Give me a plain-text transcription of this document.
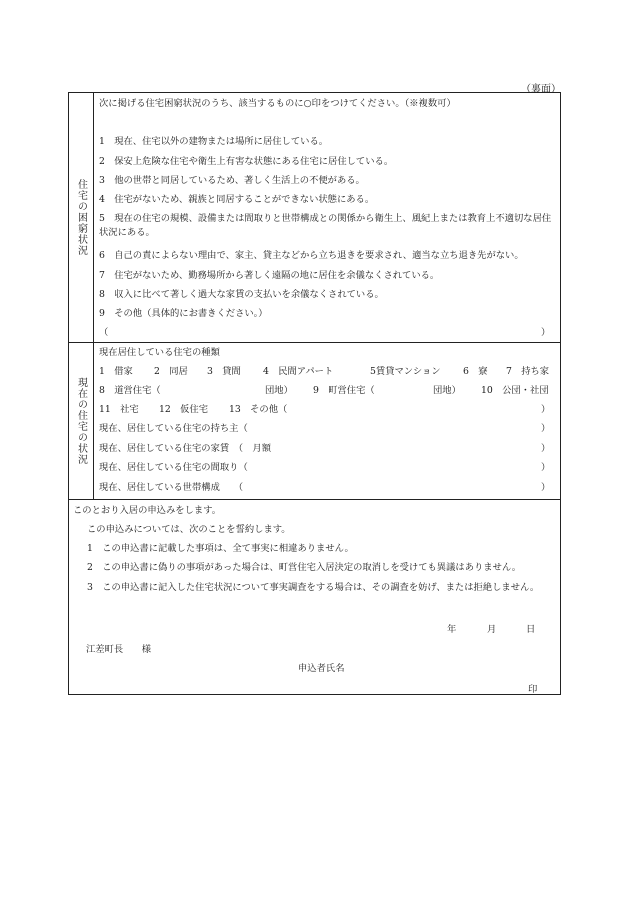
（裏面）
住宅の困窮状況
次に掲げる住宅困窮状況のうち、該当するものに○印をつけてください。（※複数可）
1　現在、住宅以外の建物または場所に居住している。
2　保安上危険な住宅や衛生上有害な状態にある住宅に居住している。
3　他の世帯と同居しているため、著しく生活上の不便がある。
4　住宅がないため、親族と同居することができない状態にある。
5　現在の住宅の規模、設備または間取りと世帯構成との関係から衛生上、風紀上または教育上不適切な居住状況にある。
6　自己の責によらない理由で、家主、貸主などから立ち退きを要求され、適当な立ち退き先がない。
7　住宅がないため、勤務場所から著しく遠隔の地に居住を余儀なくされている。
8　収入に比べて著しく過大な家賃の支払いを余儀なくされている。
9　その他（具体的にお書きください。）
（	）
現在の住宅の状況
現在居住している住宅の種類
1　借家 2　同居 3　貸間 4　民間アパート	5賃貸マンション 6　寮 7　持ち家
8　道営住宅（	団地） 9　町営住宅（	団地） 10　公団・社団
11　社宅 12　仮住宅 13　その他（	）
現在、居住している住宅の持ち主（	）
現在、居住している住宅の家賃　（　月額	）
現在、居住している住宅の間取り（	）
現在、居住している世帯構成　　（	）
このとおり入居の申込みをします。
この申込みについては、次のことを誓約します。
1　この申込書に記載した事項は、全て事実に相違ありません。
2　この申込書に偽りの事項があった場合は、町営住宅入居決定の取消しを受けても異議はありません。
3　この申込書に記入した住宅状況について事実調査をする場合は、その調査を妨げ、または拒絶しません。
年	月	日
江差町長　　様
申込者氏名
印
